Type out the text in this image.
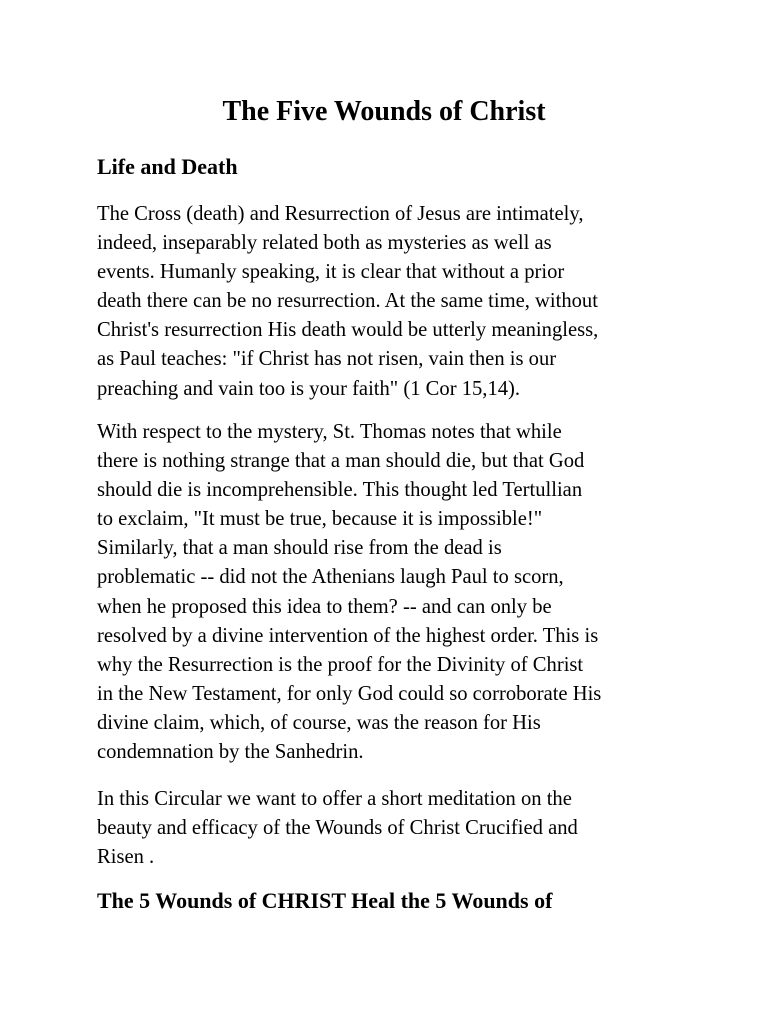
The Five Wounds of Christ
Life and Death

The Cross (death) and Resurrection of Jesus are intimately,
indeed, inseparably related both as mysteries as well as
events. Humanly speaking, it is clear that without a prior
death there can be no resurrection. At the same time, without
Christ's resurrection His death would be utterly meaningless,
as Paul teaches: "if Christ has not risen, vain then is our
preaching and vain too is your faith" (1 Cor 15,14).

With respect to the mystery, St. Thomas notes that while
there is nothing strange that a man should die, but that God
should die is incomprehensible. This thought led Tertullian
to exclaim, "It must be true, because it is impossible!"
Similarly, that a man should rise from the dead is
problematic -- did not the Athenians laugh Paul to scorn,
when he proposed this idea to them? -- and can only be
resolved by a divine intervention of the highest order. This is
why the Resurrection is the proof for the Divinity of Christ
in the New Testament, for only God could so corroborate His
divine claim, which, of course, was the reason for His
condemnation by the Sanhedrin.

In this Circular we want to offer a short meditation on the
beauty and efficacy of the Wounds of Christ Crucified and
Risen .

The 5 Wounds of CHRIST Heal the 5 Wounds of
